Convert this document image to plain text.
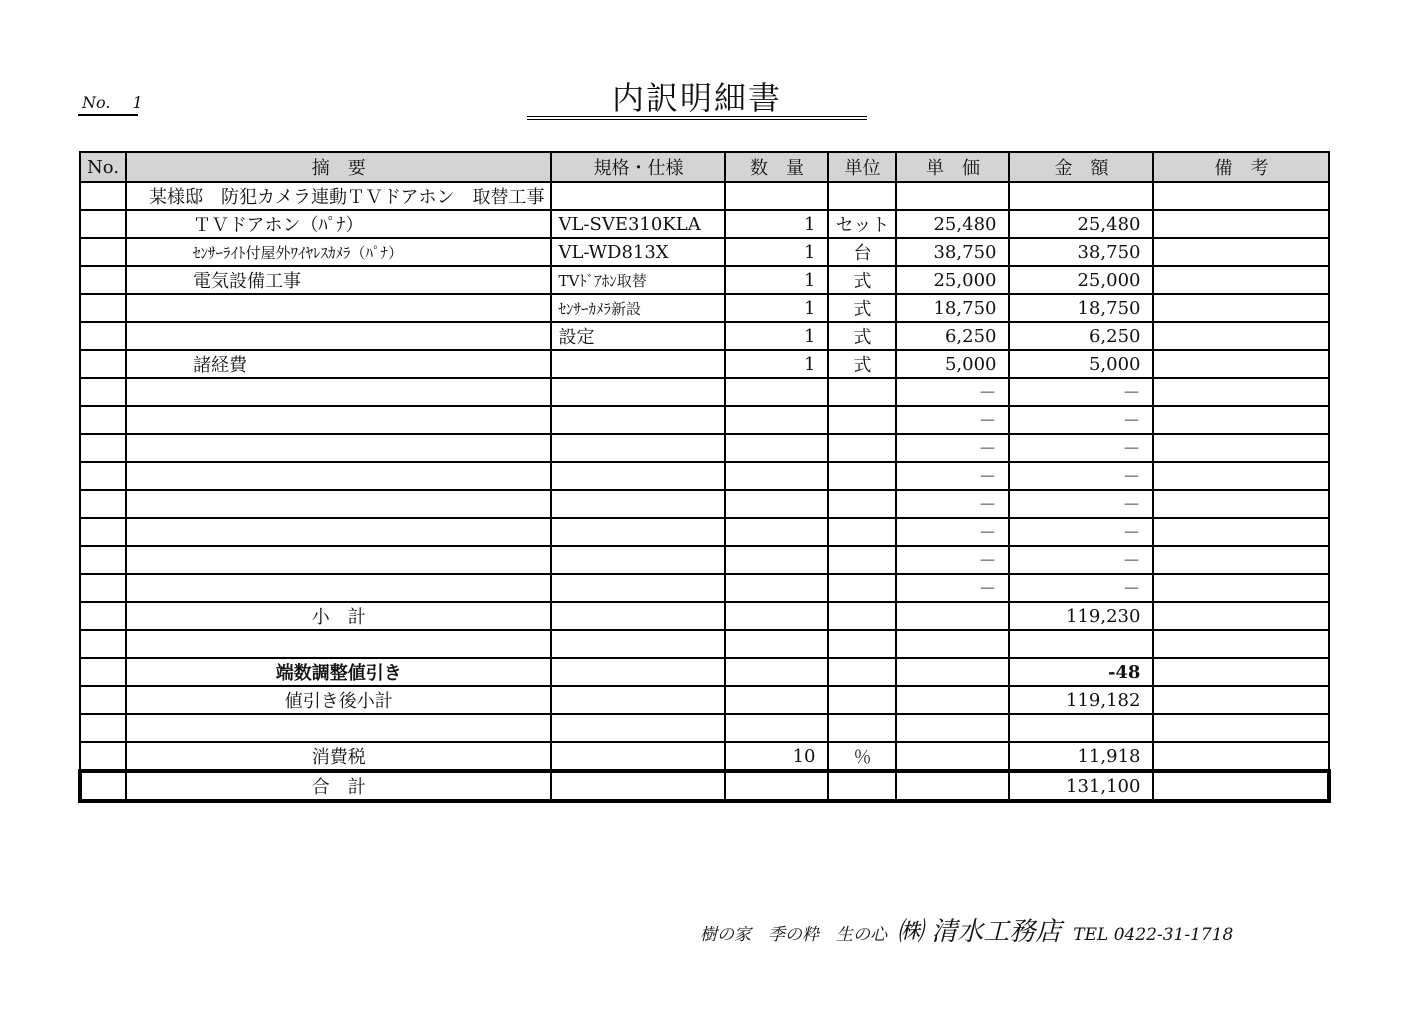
No. 1	内訳明細書
No.	摘　要	規格・仕様	数　量	単位	単　価	金　額	備　考
	某様邸　防犯カメラ連動ＴＶドアホン　取替工事						
	ＴＶドアホン（ﾊﾟﾅ）	VL-SVE310KLA	1	セット	25,480	25,480	
	ｾﾝｻｰﾗｲﾄ付屋外ﾜｲﾔﾚｽｶﾒﾗ（ﾊﾟﾅ）	VL-WD813X	1	台	38,750	38,750	
	電気設備工事	TVﾄﾞｱﾎﾝ取替	1	式	25,000	25,000	
		ｾﾝｻｰｶﾒﾗ新設	1	式	18,750	18,750	
		設定	1	式	6,250	6,250	
	諸経費		1	式	5,000	5,000	
					－	－	
					－	－	
					－	－	
					－	－	
					－	－	
					－	－	
					－	－	
					－	－	
	小　計					119,230	

	端数調整値引き					-48	
	値引き後小計					119,182	

	消費税		10	％		11,918	
	合　計					131,100	
樹の家　季の粋　生の心 ㈱ 清水工務店 TEL 0422-31-1718
